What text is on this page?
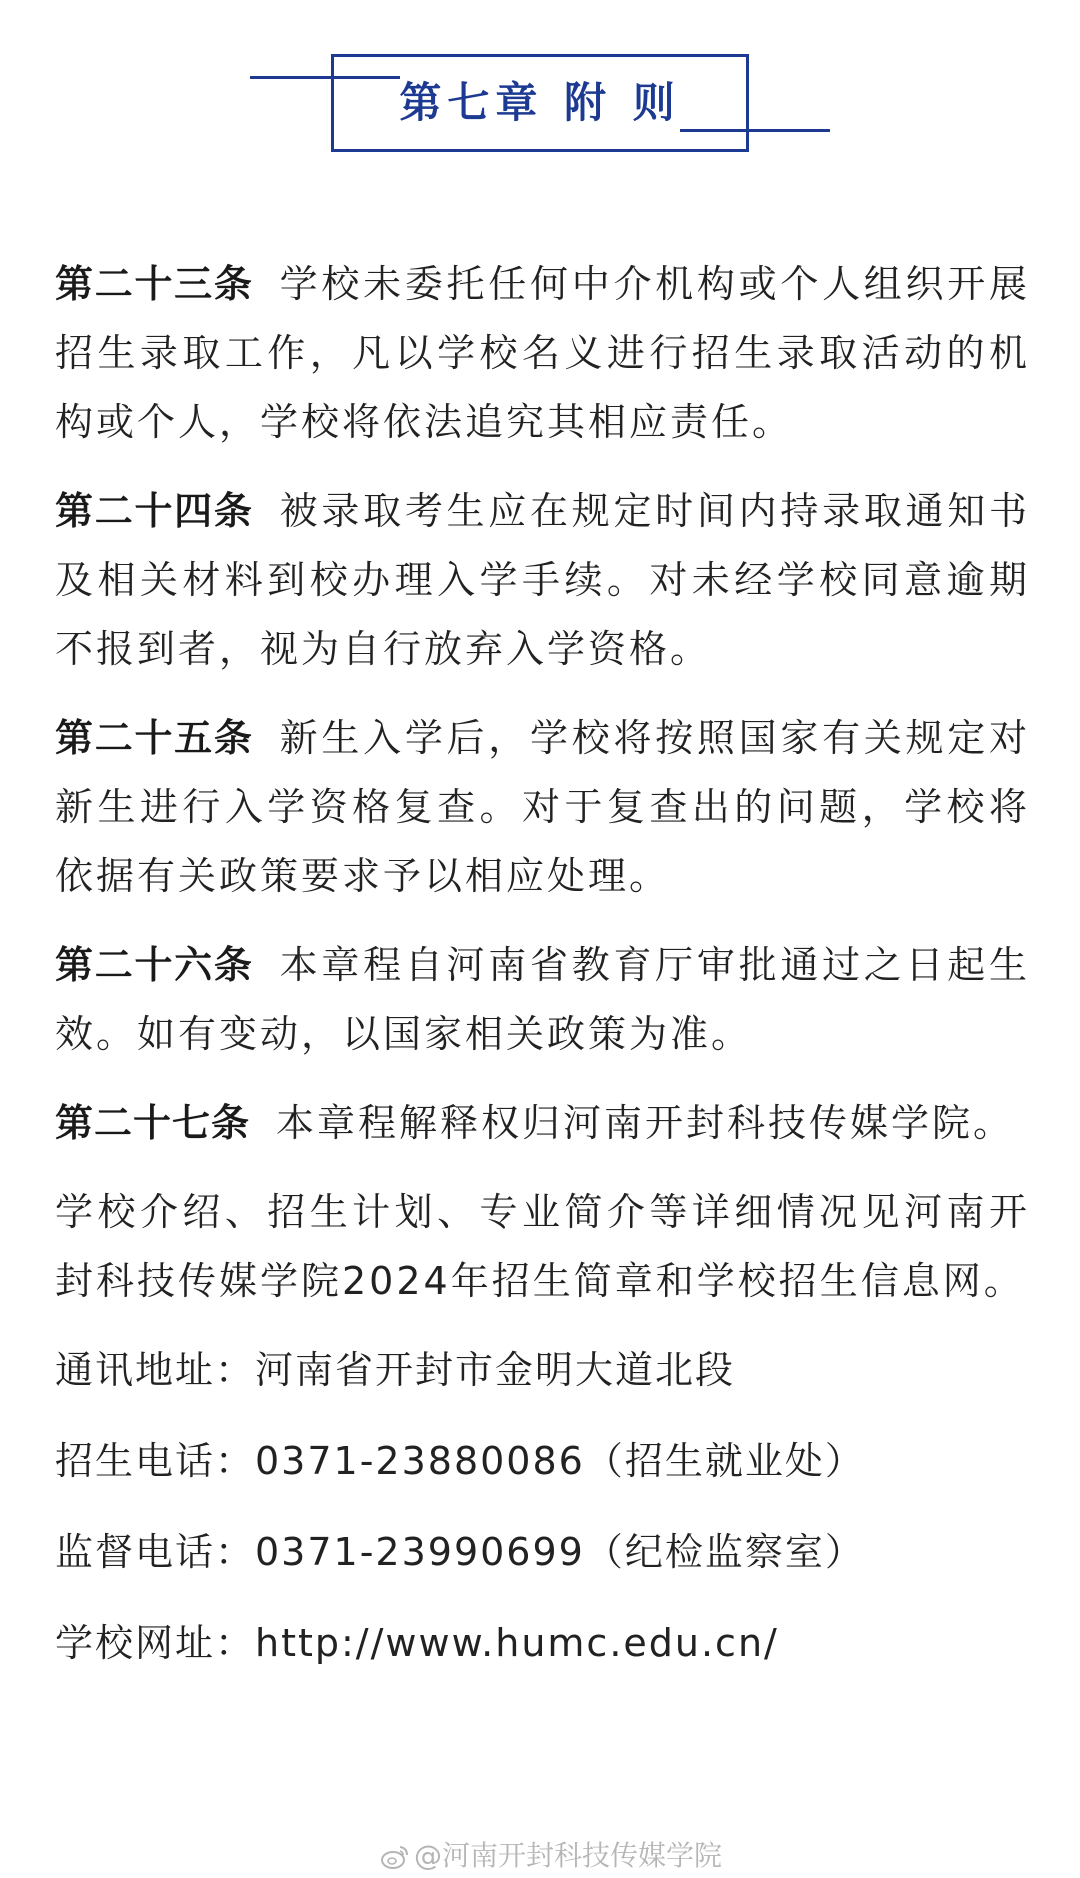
第七章 附 则

第二十三条 学校未委托任何中介机构或个人组织开展招生录取工作，凡以学校名义进行招生录取活动的机构或个人，学校将依法追究其相应责任。

第二十四条 被录取考生应在规定时间内持录取通知书及相关材料到校办理入学手续。对未经学校同意逾期不报到者，视为自行放弃入学资格。

第二十五条 新生入学后，学校将按照国家有关规定对新生进行入学资格复查。对于复查出的问题，学校将依据有关政策要求予以相应处理。

第二十六条 本章程自河南省教育厅审批通过之日起生效。如有变动，以国家相关政策为准。

第二十七条 本章程解释权归河南开封科技传媒学院。

学校介绍、招生计划、专业简介等详细情况见河南开封科技传媒学院2024年招生简章和学校招生信息网。

通讯地址：河南省开封市金明大道北段

招生电话：0371-23880086（招生就业处）

监督电话：0371-23990699（纪检监察室）

学校网址：http://www.humc.edu.cn/

@河南开封科技传媒学院
